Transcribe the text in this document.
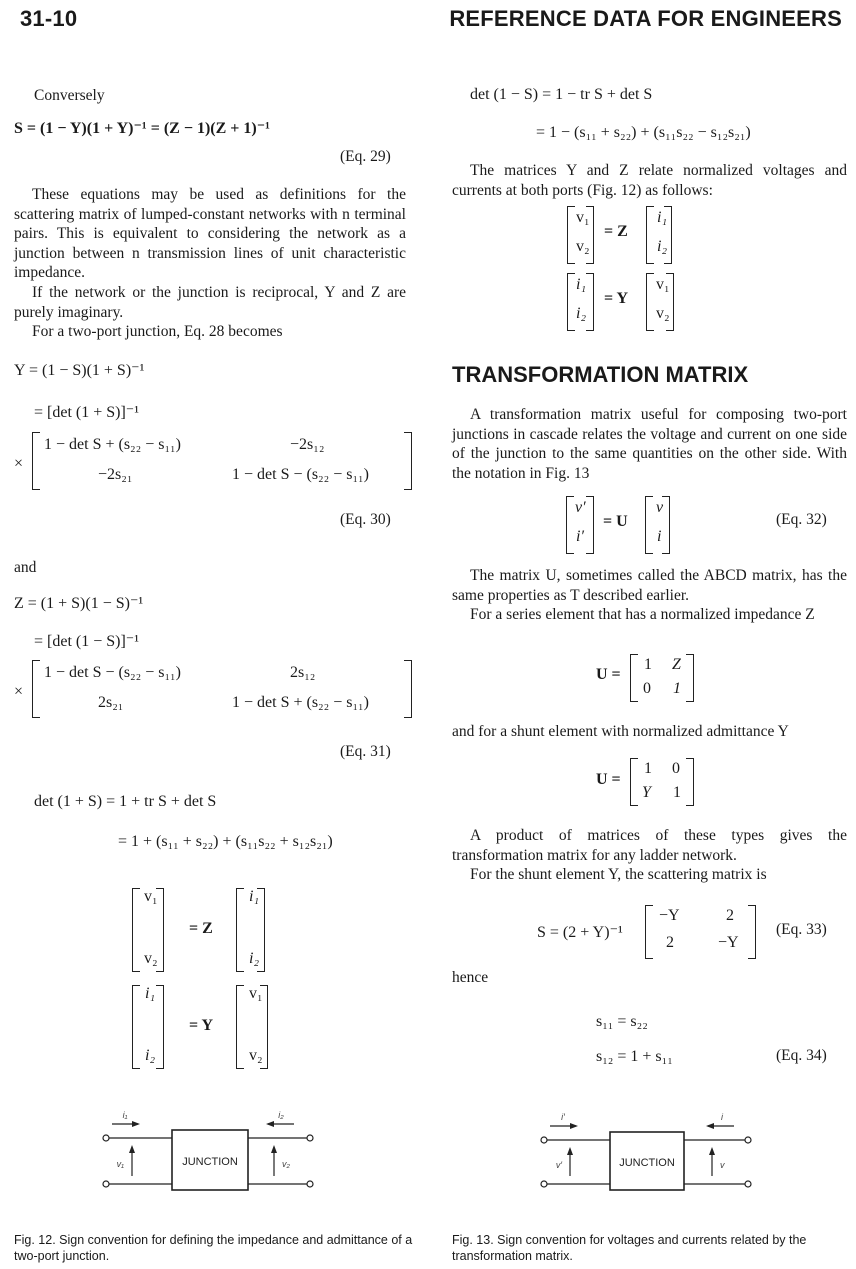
31-10	REFERENCE DATA FOR ENGINEERS
Conversely
S = (1 − Y)(1 + Y)⁻¹ = (Z − 1)(Z + 1)⁻¹
(Eq. 29)
These equations may be used as definitions for the scattering matrix of lumped-constant networks with n terminal pairs. This is equivalent to considering the network as a junction between n transmission lines of unit characteristic impedance.
If the network or the junction is reciprocal, Y and Z are purely imaginary.
For a two-port junction, Eq. 28 becomes
Y = (1 − S)(1 + S)⁻¹
= [det (1 + S)]⁻¹
×
1 − det S + (s₂₂ − s₁₁)	−2s₁₂
−2s₂₁	1 − det S − (s₂₂ − s₁₁)
(Eq. 30)
and
Z = (1 + S)(1 − S)⁻¹
= [det (1 − S)]⁻¹
×
1 − det S − (s₂₂ − s₁₁)	2s₁₂
2s₂₁	1 − det S + (s₂₂ − s₁₁)
(Eq. 31)
det (1 + S) = 1 + tr S + det S
= 1 + (s₁₁ + s₂₂) + (s₁₁s₂₂ + s₁₂s₂₁)
v₁
v₂
= Z
i₁
i₂
i₁
i₂
= Y
v₁
v₂
JUNCTION
i₁	i₂
v₁	v₂
Fig. 12. Sign convention for defining the impedance and admittance of a two-port junction.
det (1 − S) = 1 − tr S + det S
= 1 − (s₁₁ + s₂₂) + (s₁₁s₂₂ − s₁₂s₂₁)
The matrices Y and Z relate normalized voltages and currents at both ports (Fig. 12) as follows:
v₁
v₂
= Z
i₁
i₂
i₁
i₂
= Y
v₁
v₂
TRANSFORMATION MATRIX
A transformation matrix useful for composing two-port junctions in cascade relates the voltage and current on one side of the junction to the same quantities on the other side. With the notation in Fig. 13
v′
i′
= U
v
i
(Eq. 32)
The matrix U, sometimes called the ABCD matrix, has the same properties as T described earlier.
For a series element that has a normalized impedance Z
U =
1 Z
0 1
and for a shunt element with normalized admittance Y
U =
1 0
Y 1
A product of matrices of these types gives the transformation matrix for any ladder network.
For the shunt element Y, the scattering matrix is
S = (2 + Y)⁻¹
−Y	2
2	−Y
(Eq. 33)
hence
s₁₁ = s₂₂
s₁₂ = 1 + s₁₁	(Eq. 34)
JUNCTION
i′	i
v′	v
Fig. 13. Sign convention for voltages and currents related by the transformation matrix.
